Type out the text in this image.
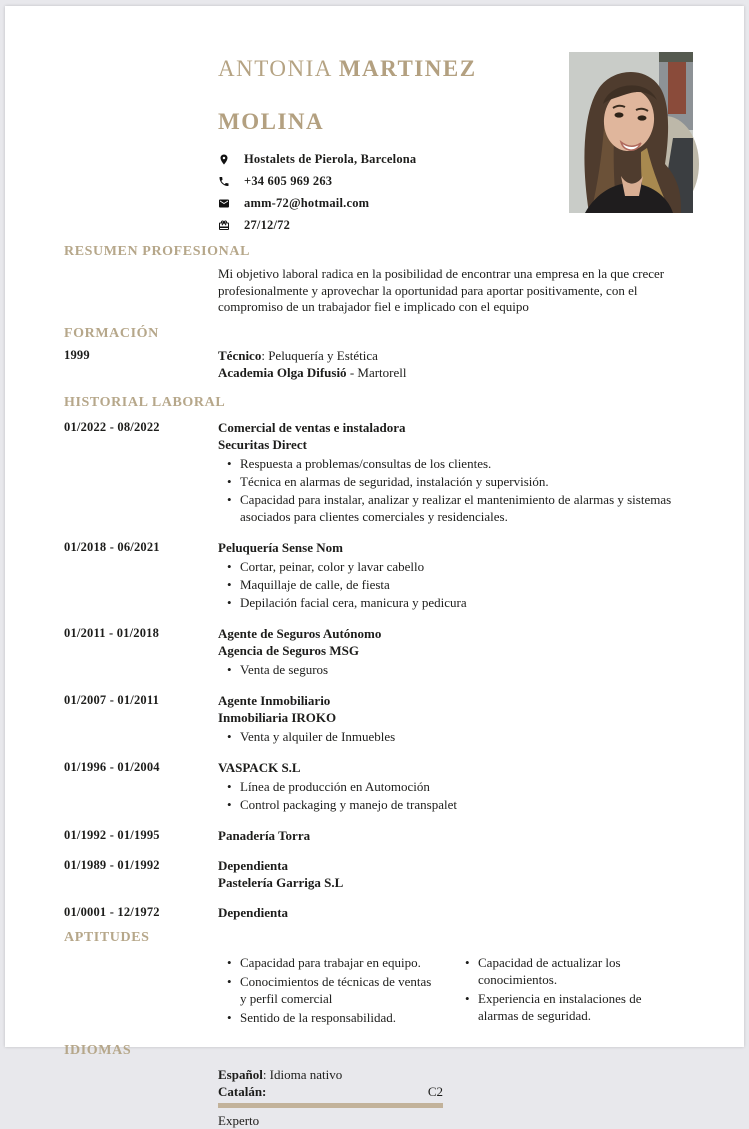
ANTONIA MARTINEZ
MOLINA
Hostalets de Pierola, Barcelona
+34 605 969 263
amm-72@hotmail.com
27/12/72
RESUMEN PROFESIONAL

Mi objetivo laboral radica en la posibilidad de encontrar una empresa en la que crecer profesionalmente y aprovechar la oportunidad para aportar positivamente, con el compromiso de un trabajador fiel e implicado con el equipo

FORMACIÓN
1999	Técnico: Peluquería y Estética

Academia Olga Difusió - Martorell

HISTORIAL LABORAL
01/2022 - 08/2022	Comercial de ventas e instaladora

Securitas Direct

• Respuesta a problemas/consultas de los clientes.
• Técnica en alarmas de seguridad, instalación y supervisión.
• Capacidad para instalar, analizar y realizar el mantenimiento de alarmas y sistemas asociados para clientes comerciales y residenciales.
01/2018 - 06/2021	Peluquería Sense Nom

• Cortar, peinar, color y lavar cabello
• Maquillaje de calle, de fiesta
• Depilación facial cera, manicura y pedicura
01/2011 - 01/2018	Agente de Seguros Autónomo

Agencia de Seguros MSG

• Venta de seguros
01/2007 - 01/2011	Agente Inmobiliario

Inmobiliaria IROKO

• Venta y alquiler de Inmuebles
01/1996 - 01/2004	VASPACK S.L

• Línea de producción en Automoción
• Control packaging y manejo de transpalet
01/1992 - 01/1995	Panadería Torra

01/1989 - 01/1992	Dependienta

Pastelería Garriga S.L

01/0001 - 12/1972	Dependienta

APTITUDES
• Capacidad para trabajar en equipo.
• Conocimientos de técnicas de ventas y perfil comercial
• Sentido de la responsabilidad.
• Capacidad de actualizar los conocimientos.
• Experiencia en instalaciones de alarmas de seguridad.
IDIOMAS

Español: Idioma nativo

Catalán:	C2
Experto
